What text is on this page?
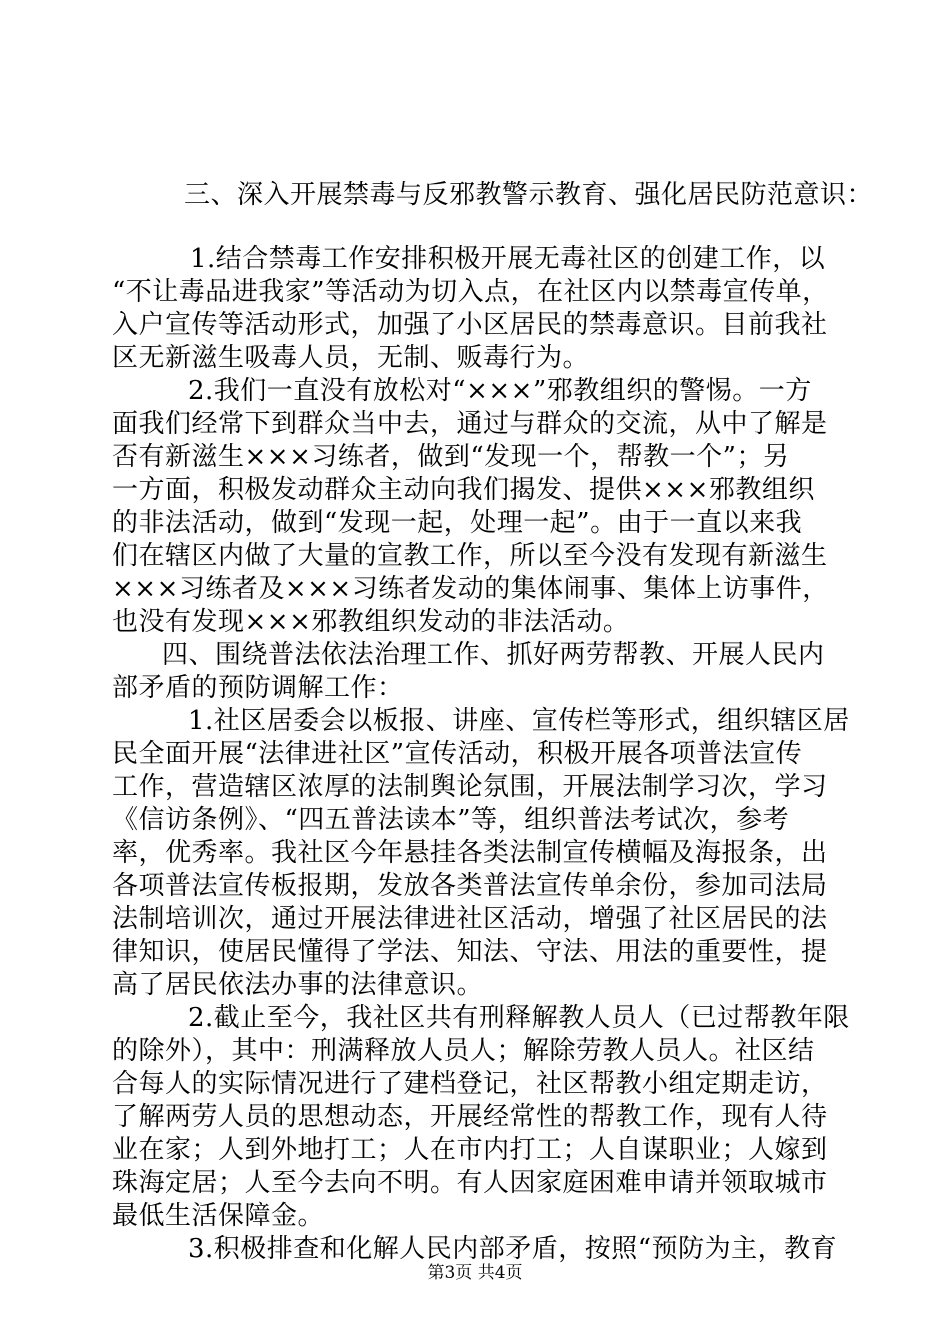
三、深入开展禁毒与反邪教警示教育、强化居民防范意识：
1.结合禁毒工作安排积极开展无毒社区的创建工作，以
“不让毒品进我家”等活动为切入点，在社区内以禁毒宣传单，
入户宣传等活动形式，加强了小区居民的禁毒意识。目前我社
区无新滋生吸毒人员，无制、贩毒行为。
2.我们一直没有放松对“×××”邪教组织的警惕。一方
面我们经常下到群众当中去，通过与群众的交流，从中了解是
否有新滋生×××习练者，做到“发现一个，帮教一个”；另
一方面，积极发动群众主动向我们揭发、提供×××邪教组织
的非法活动，做到“发现一起，处理一起”。由于一直以来我
们在辖区内做了大量的宣教工作，所以至今没有发现有新滋生
×××习练者及×××习练者发动的集体闹事、集体上访事件，
也没有发现×××邪教组织发动的非法活动。
四、围绕普法依法治理工作、抓好两劳帮教、开展人民内
部矛盾的预防调解工作：
1.社区居委会以板报、讲座、宣传栏等形式，组织辖区居
民全面开展“法律进社区”宣传活动，积极开展各项普法宣传
工作，营造辖区浓厚的法制舆论氛围，开展法制学习次，学习
《信访条例》、“四五普法读本”等，组织普法考试次，参考
率，优秀率。我社区今年悬挂各类法制宣传横幅及海报条，出
各项普法宣传板报期，发放各类普法宣传单余份，参加司法局
法制培训次，通过开展法律进社区活动，增强了社区居民的法
律知识，使居民懂得了学法、知法、守法、用法的重要性，提
高了居民依法办事的法律意识。
2.截止至今，我社区共有刑释解教人员人（已过帮教年限
的除外），其中：刑满释放人员人；解除劳教人员人。社区结
合每人的实际情况进行了建档登记，社区帮教小组定期走访，
了解两劳人员的思想动态，开展经常性的帮教工作，现有人待
业在家；人到外地打工；人在市内打工；人自谋职业；人嫁到
珠海定居；人至今去向不明。有人因家庭困难申请并领取城市
最低生活保障金。
3.积极排查和化解人民内部矛盾，按照“预防为主，教育
第3页 共4页
